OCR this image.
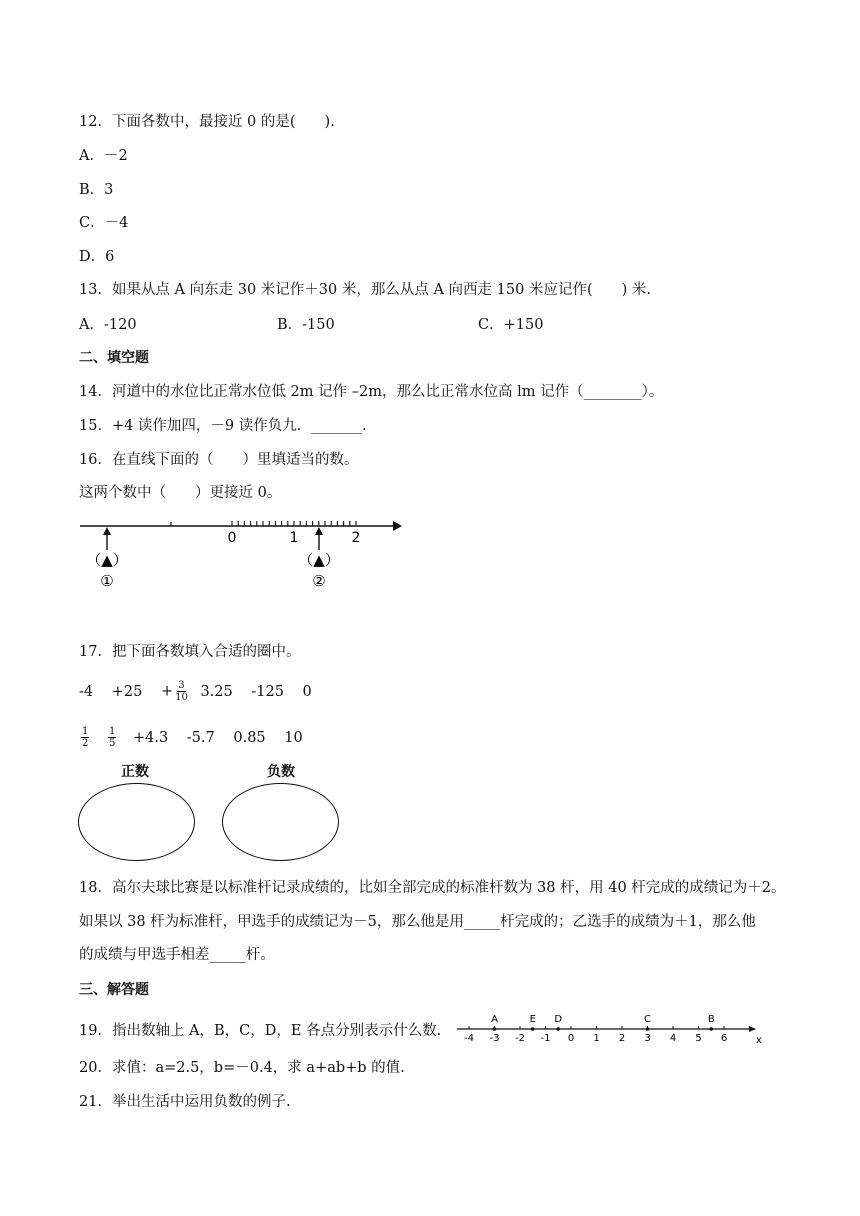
12．下面各数中，最接近 0 的是(　　).
A．－2
B．3
C．－4
D．6
13．如果从点 A 向东走 30 米记作＋30 米，那么从点 A 向西走 150 米应记作(　　) 米.
A．-120	B．-150	C．+150
二、填空题
14．河道中的水位比正常水位低 2m 记作 –2m，那么比正常水位高 lm 记作（________）。
15．+4 读作加四，－9 读作负九．_______.
16．在直线下面的（　　）里填适当的数。
这两个数中（　　）更接近 0。
0	1	2
（▲）
①
（▲）
②
17．把下面各数填入合适的圈中。
$-4 +25 + \frac{3}{10} 3.25$ -125 0
$\frac{1}{2}$
$\frac{1}{5} +4.3$ -5.7 0.85 10
正数	负数
18．高尔夫球比赛是以标准杆记录成绩的，比如全部完成的标准杆数为 38 杆，用 40 杆完成的成绩记为＋2。
如果以 38 杆为标准杆，甲选手的成绩记为－5，那么他是用_____杆完成的；乙选手的成绩为＋1，那么他
的成绩与甲选手相差_____杆。
三、解答题
19．指出数轴上 A，B，C，D，E 各点分别表示什么数. -4 -3 -2 -1 0 1 2 3 4 5 6
A	E D	C	B
x
20．求值：a=2.5，b=－0.4，求 a+ab+b 的值.
21．举出生活中运用负数的例子.
